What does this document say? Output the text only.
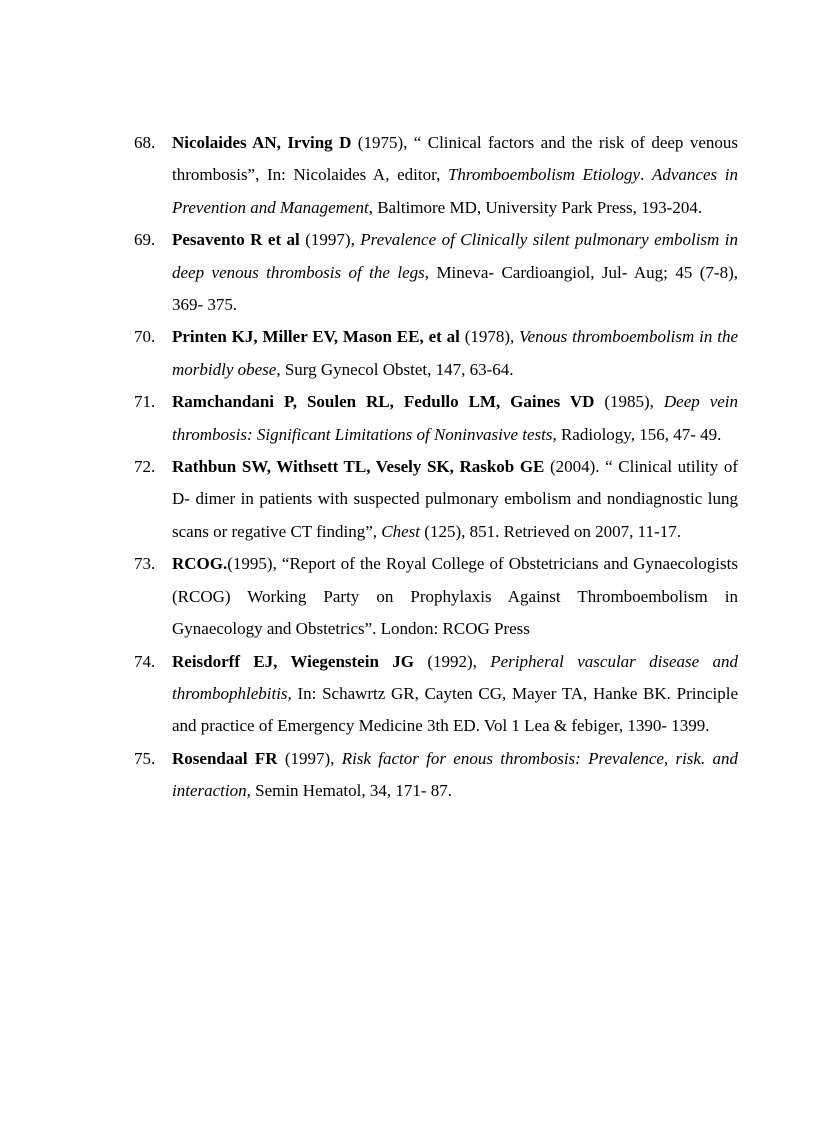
68. Nicolaides AN, Irving D (1975), “ Clinical factors and the risk of deep venous thrombosis”, In: Nicolaides A, editor, Thromboembolism Etiology. Advances in Prevention and Management, Baltimore MD, University Park Press, 193-204.
69. Pesavento R et al (1997), Prevalence of Clinically silent pulmonary embolism in deep venous thrombosis of the legs, Mineva- Cardioangiol, Jul- Aug; 45 (7-8), 369- 375.
70. Printen KJ, Miller EV, Mason EE, et al (1978), Venous thromboembolism in the morbidly obese, Surg Gynecol Obstet, 147, 63-64.
71. Ramchandani P, Soulen RL, Fedullo LM, Gaines VD (1985), Deep vein thrombosis: Significant Limitations of Noninvasive tests, Radiology, 156, 47- 49.
72. Rathbun SW, Withsett TL, Vesely SK, Raskob GE (2004). “ Clinical utility of D- dimer in patients with suspected pulmonary embolism and nondiagnostic lung scans or regative CT finding”, Chest (125), 851. Retrieved on 2007, 11-17.
73. RCOG.(1995), “Report of the Royal College of Obstetricians and Gynaecologists (RCOG) Working Party on Prophylaxis Against Thromboembolism in Gynaecology and Obstetrics”. London: RCOG Press
74. Reisdorff EJ, Wiegenstein JG (1992), Peripheral vascular disease and thrombophlebitis, In: Schawrtz GR, Cayten CG, Mayer TA, Hanke BK. Principle and practice of Emergency Medicine 3th ED. Vol 1 Lea & febiger, 1390- 1399.
75. Rosendaal FR (1997), Risk factor for enous thrombosis: Prevalence, risk. and interaction, Semin Hematol, 34, 171- 87.
